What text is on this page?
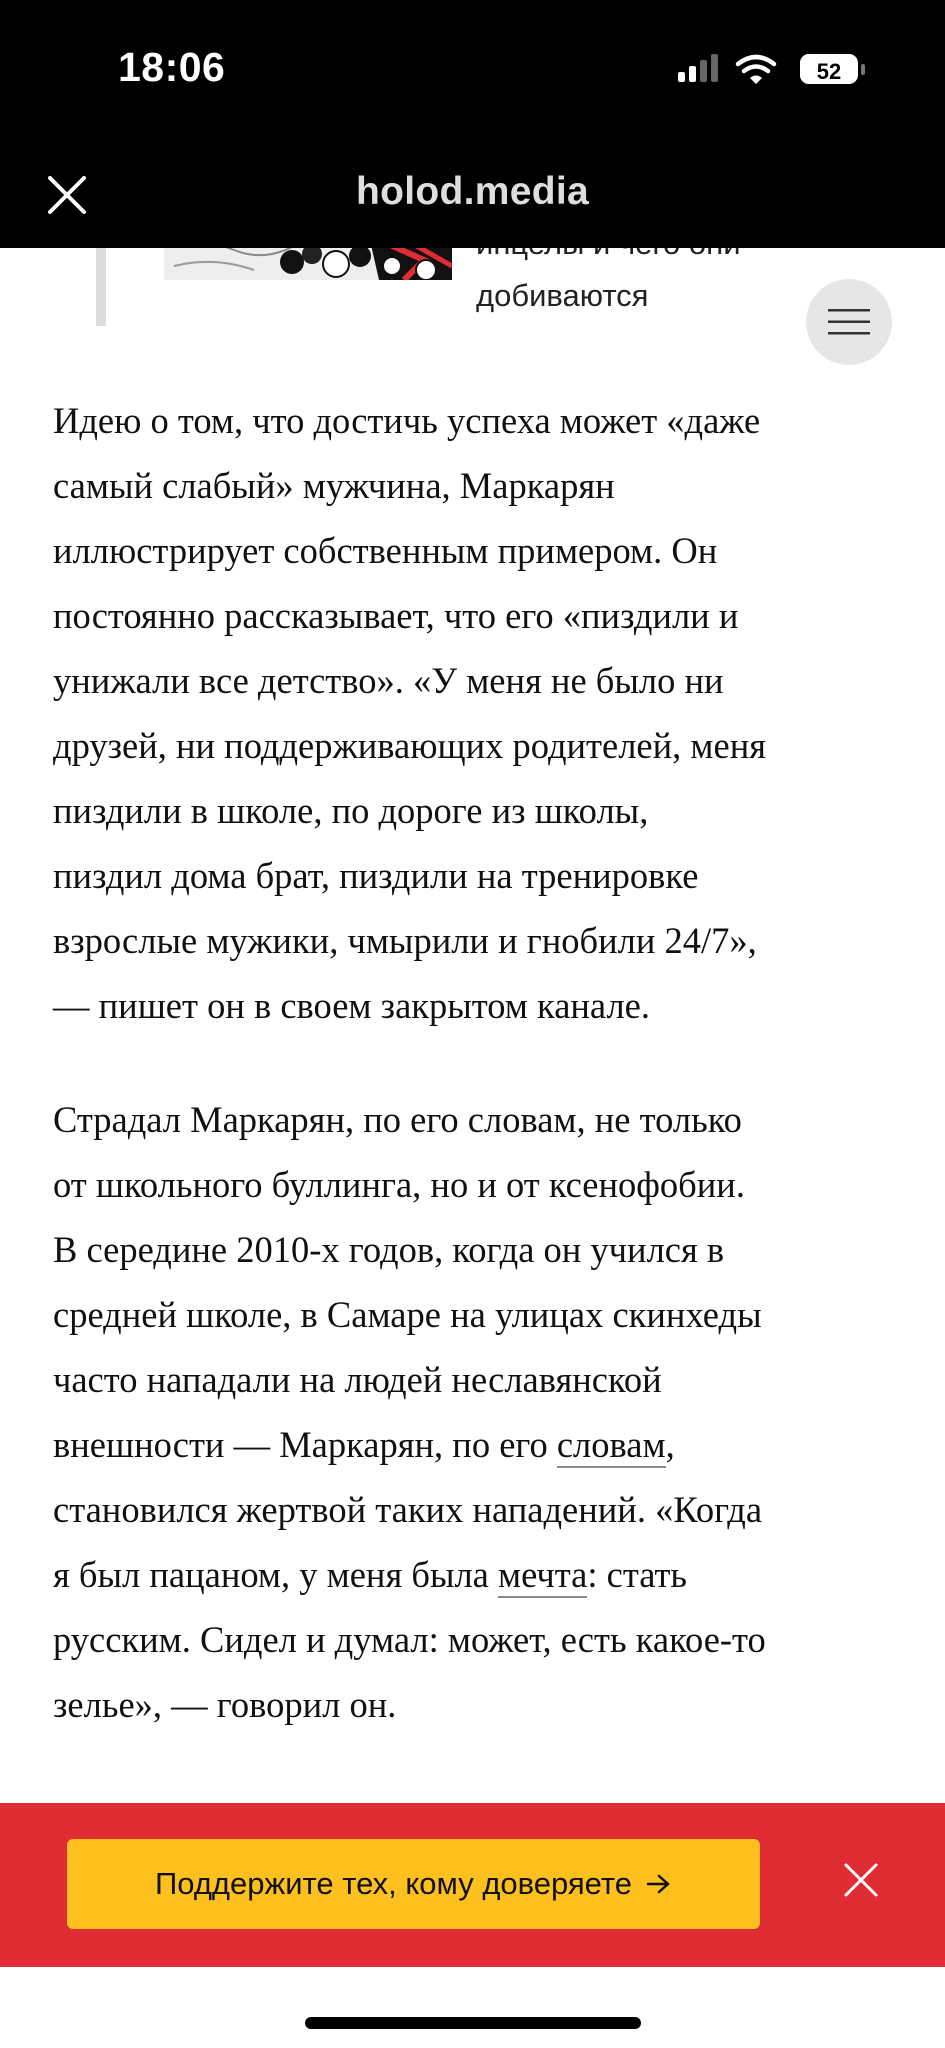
добиваются

Идею о том, что достичь успеха может «даже
самый слабый» мужчина, Маркарян
иллюстрирует собственным примером. Он
постоянно рассказывает, что его «пиздили и
унижали все детство». «У меня не было ни
друзей, ни поддерживающих родителей, меня
пиздили в школе, по дороге из школы,
пиздил дома брат, пиздили на тренировке
взрослые мужики, чмырили и гнобили 24/7»,
— пишет он в своем закрытом канале.

Страдал Маркарян, по его словам, не только
от школьного буллинга, но и от ксенофобии.
В середине 2010-х годов, когда он учился в
средней школе, в Самаре на улицах скинхеды
часто нападали на людей неславянской
внешности — Маркарян, по его словам,
становился жертвой таких нападений. «Когда
я был пацаном, у меня была мечта: стать
русским. Сидел и думал: может, есть какое-то
зелье», — говорил он.

18:06	52
holod.media
Поддержите тех, кому доверяете
